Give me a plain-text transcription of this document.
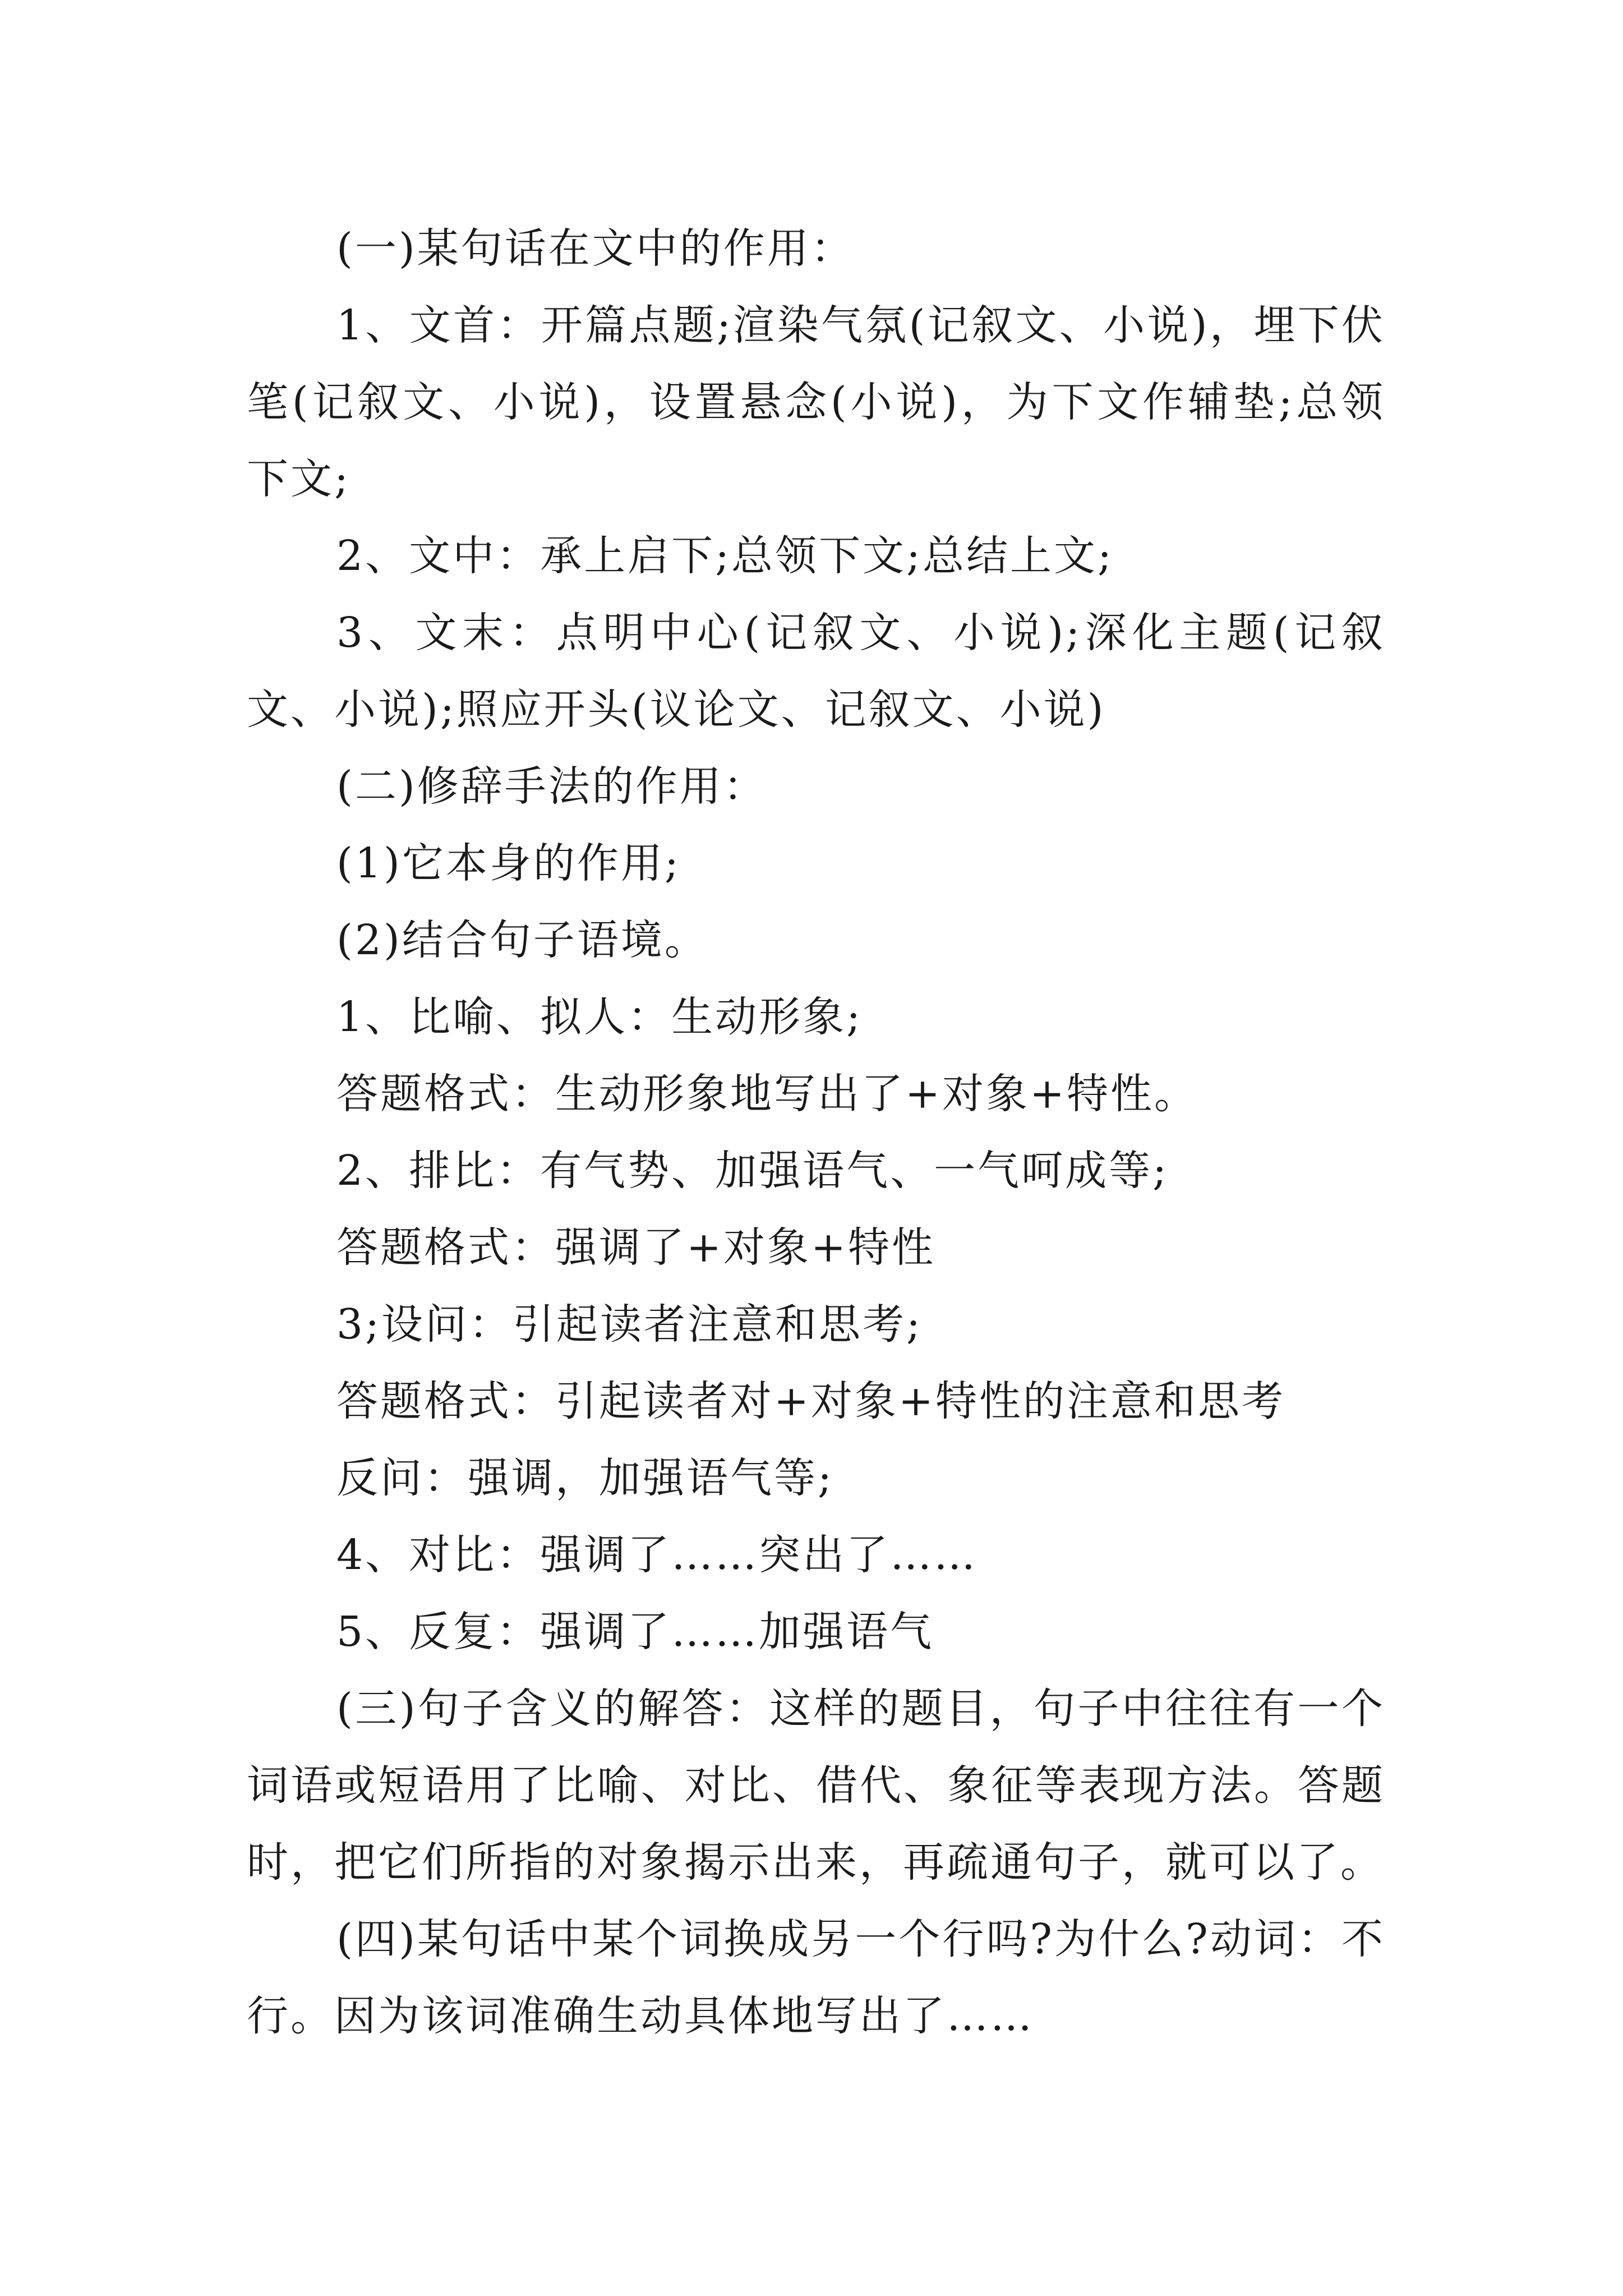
(一)某句话在文中的作用：

1、文首：开篇点题;渲染气氛(记叙文、小说)，埋下伏笔(记叙文、小说)，设置悬念(小说)，为下文作辅垫;总领下文;

2、文中：承上启下;总领下文;总结上文;

3、文末：点明中心(记叙文、小说);深化主题(记叙文、小说);照应开头(议论文、记叙文、小说)

(二)修辞手法的作用：

(1)它本身的作用;

(2)结合句子语境。

1、比喻、拟人：生动形象;

答题格式：生动形象地写出了+对象+特性。

2、排比：有气势、加强语气、一气呵成等;

答题格式：强调了+对象+特性

3;设问：引起读者注意和思考;

答题格式：引起读者对+对象+特性的注意和思考

反问：强调，加强语气等;

4、对比：强调了……突出了……

5、反复：强调了……加强语气

(三)句子含义的解答：这样的题目，句子中往往有一个词语或短语用了比喻、对比、借代、象征等表现方法。答题时，把它们所指的对象揭示出来，再疏通句子，就可以了。

(四)某句话中某个词换成另一个行吗?为什么?动词：不行。因为该词准确生动具体地写出了……
